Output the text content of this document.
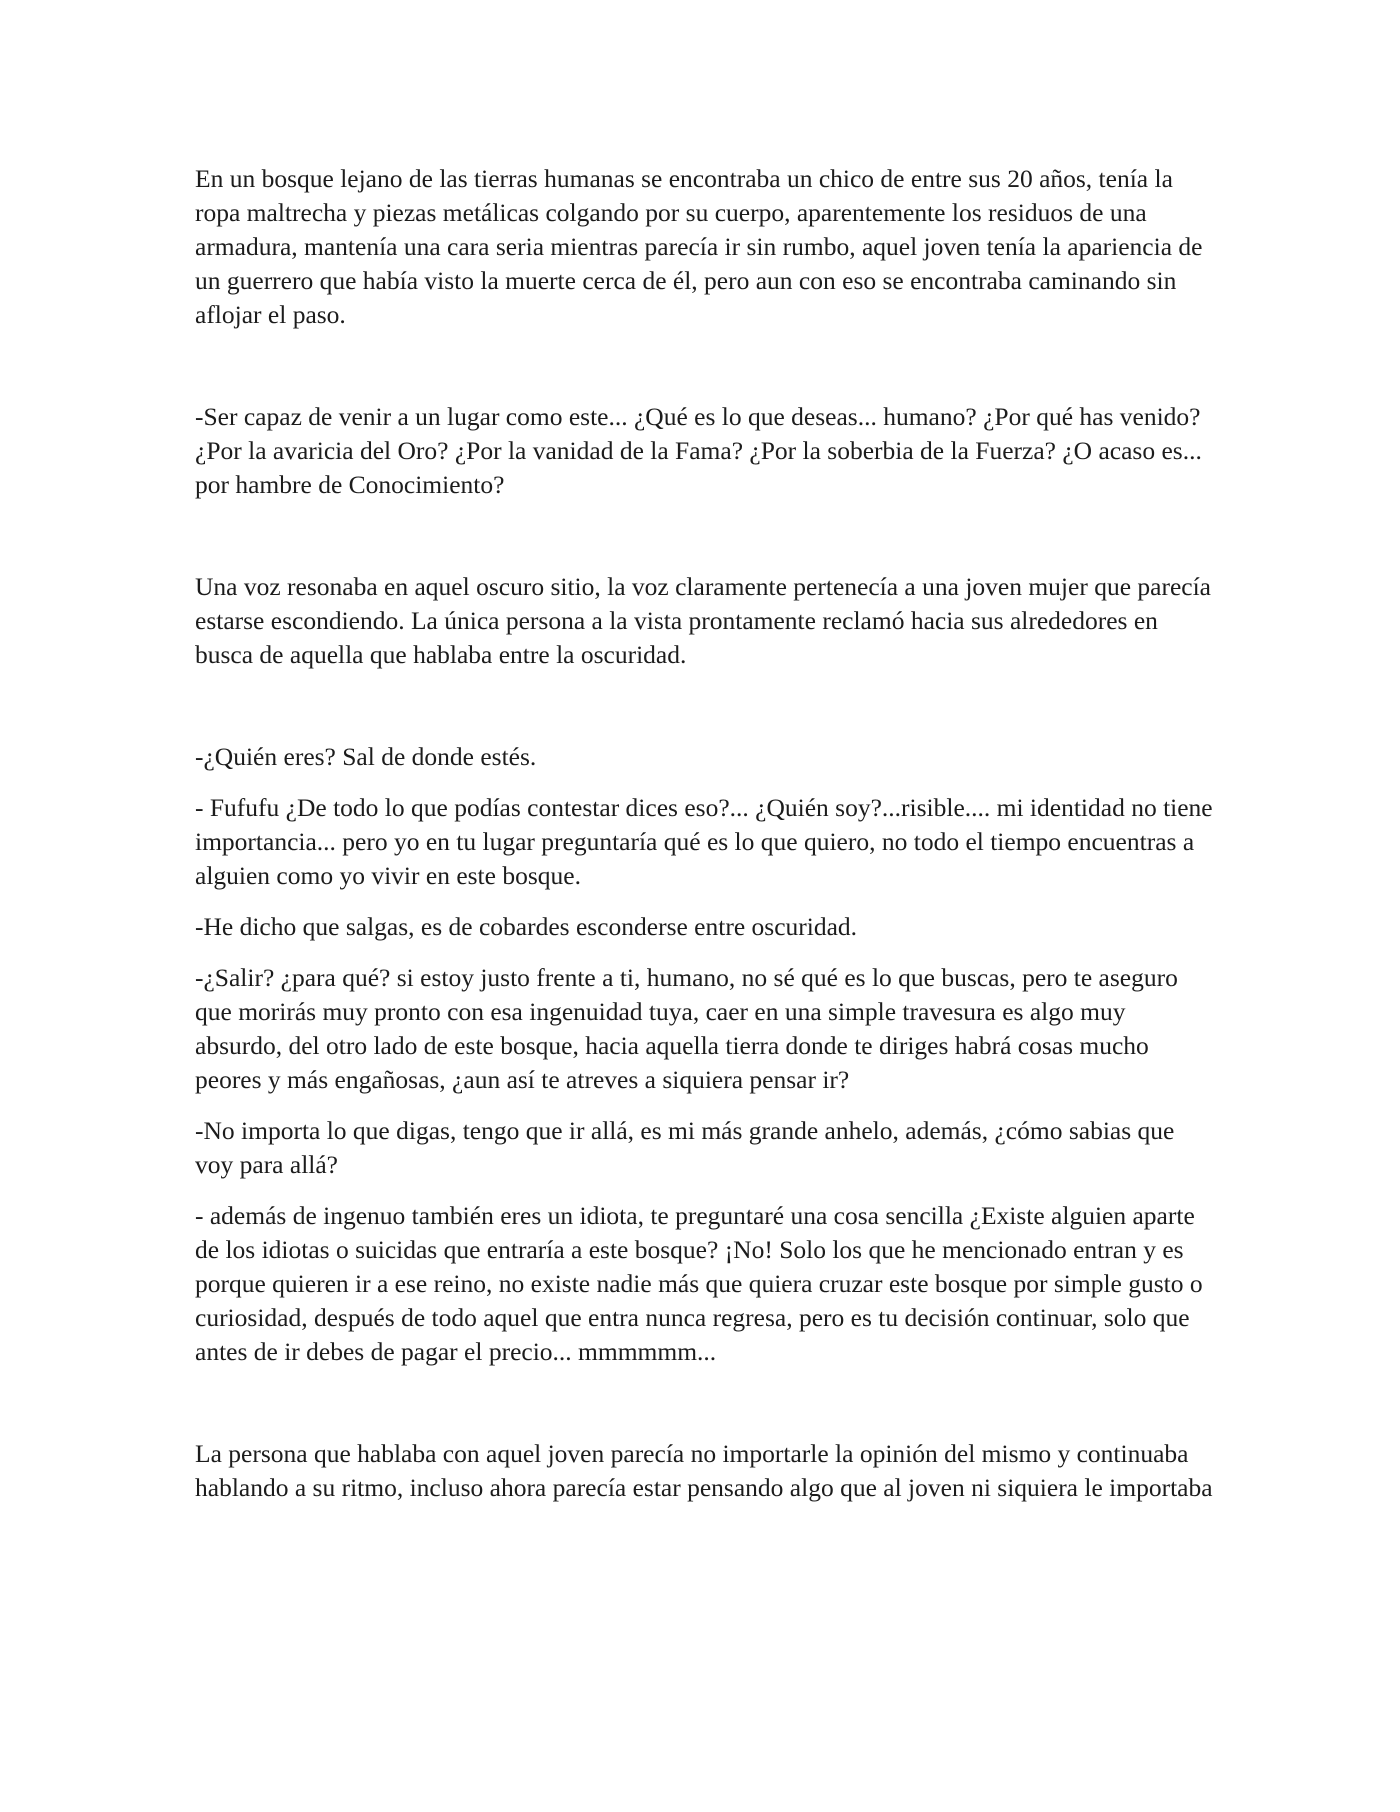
En un bosque lejano de las tierras humanas se encontraba un chico de entre sus 20 años, tenía la ropa maltrecha y piezas metálicas colgando por su cuerpo, aparentemente los residuos de una armadura, mantenía una cara seria mientras parecía ir sin rumbo, aquel joven tenía la apariencia de un guerrero que había visto la muerte cerca de él, pero aun con eso se encontraba caminando sin aflojar el paso.

-Ser capaz de venir a un lugar como este... ¿Qué es lo que deseas... humano? ¿Por qué has venido? ¿Por la avaricia del Oro? ¿Por la vanidad de la Fama? ¿Por la soberbia de la Fuerza? ¿O acaso es... por hambre de Conocimiento?

Una voz resonaba en aquel oscuro sitio, la voz claramente pertenecía a una joven mujer que parecía estarse escondiendo. La única persona a la vista prontamente reclamó hacia sus alrededores en busca de aquella que hablaba entre la oscuridad.

-¿Quién eres? Sal de donde estés.

- Fufufu ¿De todo lo que podías contestar dices eso?... ¿Quién soy?...risible.... mi identidad no tiene importancia... pero yo en tu lugar preguntaría qué es lo que quiero, no todo el tiempo encuentras a alguien como yo vivir en este bosque.

-He dicho que salgas, es de cobardes esconderse entre oscuridad.

-¿Salir? ¿para qué? si estoy justo frente a ti, humano, no sé qué es lo que buscas, pero te aseguro que morirás muy pronto con esa ingenuidad tuya, caer en una simple travesura es algo muy absurdo, del otro lado de este bosque, hacia aquella tierra donde te diriges habrá cosas mucho peores y más engañosas, ¿aun así te atreves a siquiera pensar ir?

-No importa lo que digas, tengo que ir allá, es mi más grande anhelo, además, ¿cómo sabias que voy para allá?

- además de ingenuo también eres un idiota, te preguntaré una cosa sencilla ¿Existe alguien aparte de los idiotas o suicidas que entraría a este bosque? ¡No! Solo los que he mencionado entran y es porque quieren ir a ese reino, no existe nadie más que quiera cruzar este bosque por simple gusto o curiosidad, después de todo aquel que entra nunca regresa, pero es tu decisión continuar, solo que antes de ir debes de pagar el precio... mmmmmm...

La persona que hablaba con aquel joven parecía no importarle la opinión del mismo y continuaba hablando a su ritmo, incluso ahora parecía estar pensando algo que al joven ni siquiera le importaba
